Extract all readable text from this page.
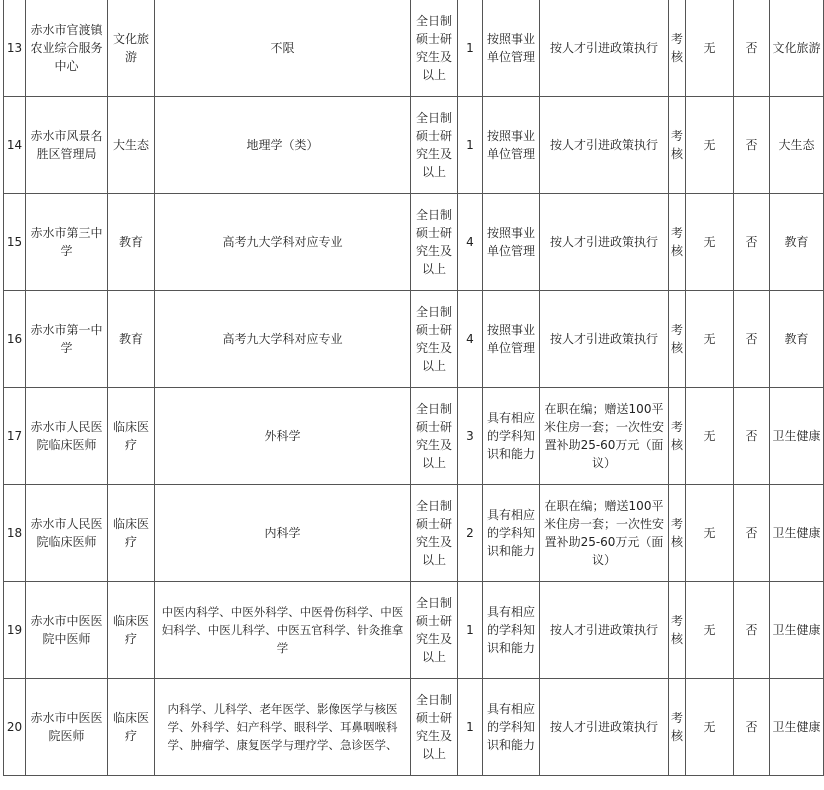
13	赤水市官渡镇农业综合服务中心	文化旅游	不限	全日制硕士研究生及以上	1	按照事业单位管理	按人才引进政策执行	考核	无	否	文化旅游
14	赤水市风景名胜区管理局	大生态	地理学（类）	全日制硕士研究生及以上	1	按照事业单位管理	按人才引进政策执行	考核	无	否	大生态
15	赤水市第三中学	教育	高考九大学科对应专业	全日制硕士研究生及以上	4	按照事业单位管理	按人才引进政策执行	考核	无	否	教育
16	赤水市第一中学	教育	高考九大学科对应专业	全日制硕士研究生及以上	4	按照事业单位管理	按人才引进政策执行	考核	无	否	教育
17	赤水市人民医院临床医师	临床医疗	外科学	全日制硕士研究生及以上	3	具有相应的学科知识和能力	在职在编；赠送100平米住房一套；一次性安置补助25-60万元（面议）	考核	无	否	卫生健康
18	赤水市人民医院临床医师	临床医疗	内科学	全日制硕士研究生及以上	2	具有相应的学科知识和能力	在职在编；赠送100平米住房一套；一次性安置补助25-60万元（面议）	考核	无	否	卫生健康
19	赤水市中医医院中医师	临床医疗	中医内科学、中医外科学、中医骨伤科学、中医妇科学、中医儿科学、中医五官科学、针灸推拿学	全日制硕士研究生及以上	1	具有相应的学科知识和能力	按人才引进政策执行	考核	无	否	卫生健康
20	赤水市中医医院医师	临床医疗	内科学、儿科学、老年医学、影像医学与核医学、外科学、妇产科学、眼科学、耳鼻咽喉科学、肿瘤学、康复医学与理疗学、急诊医学、	全日制硕士研究生及以上	1	具有相应的学科知识和能力	按人才引进政策执行	考核	无	否	卫生健康
